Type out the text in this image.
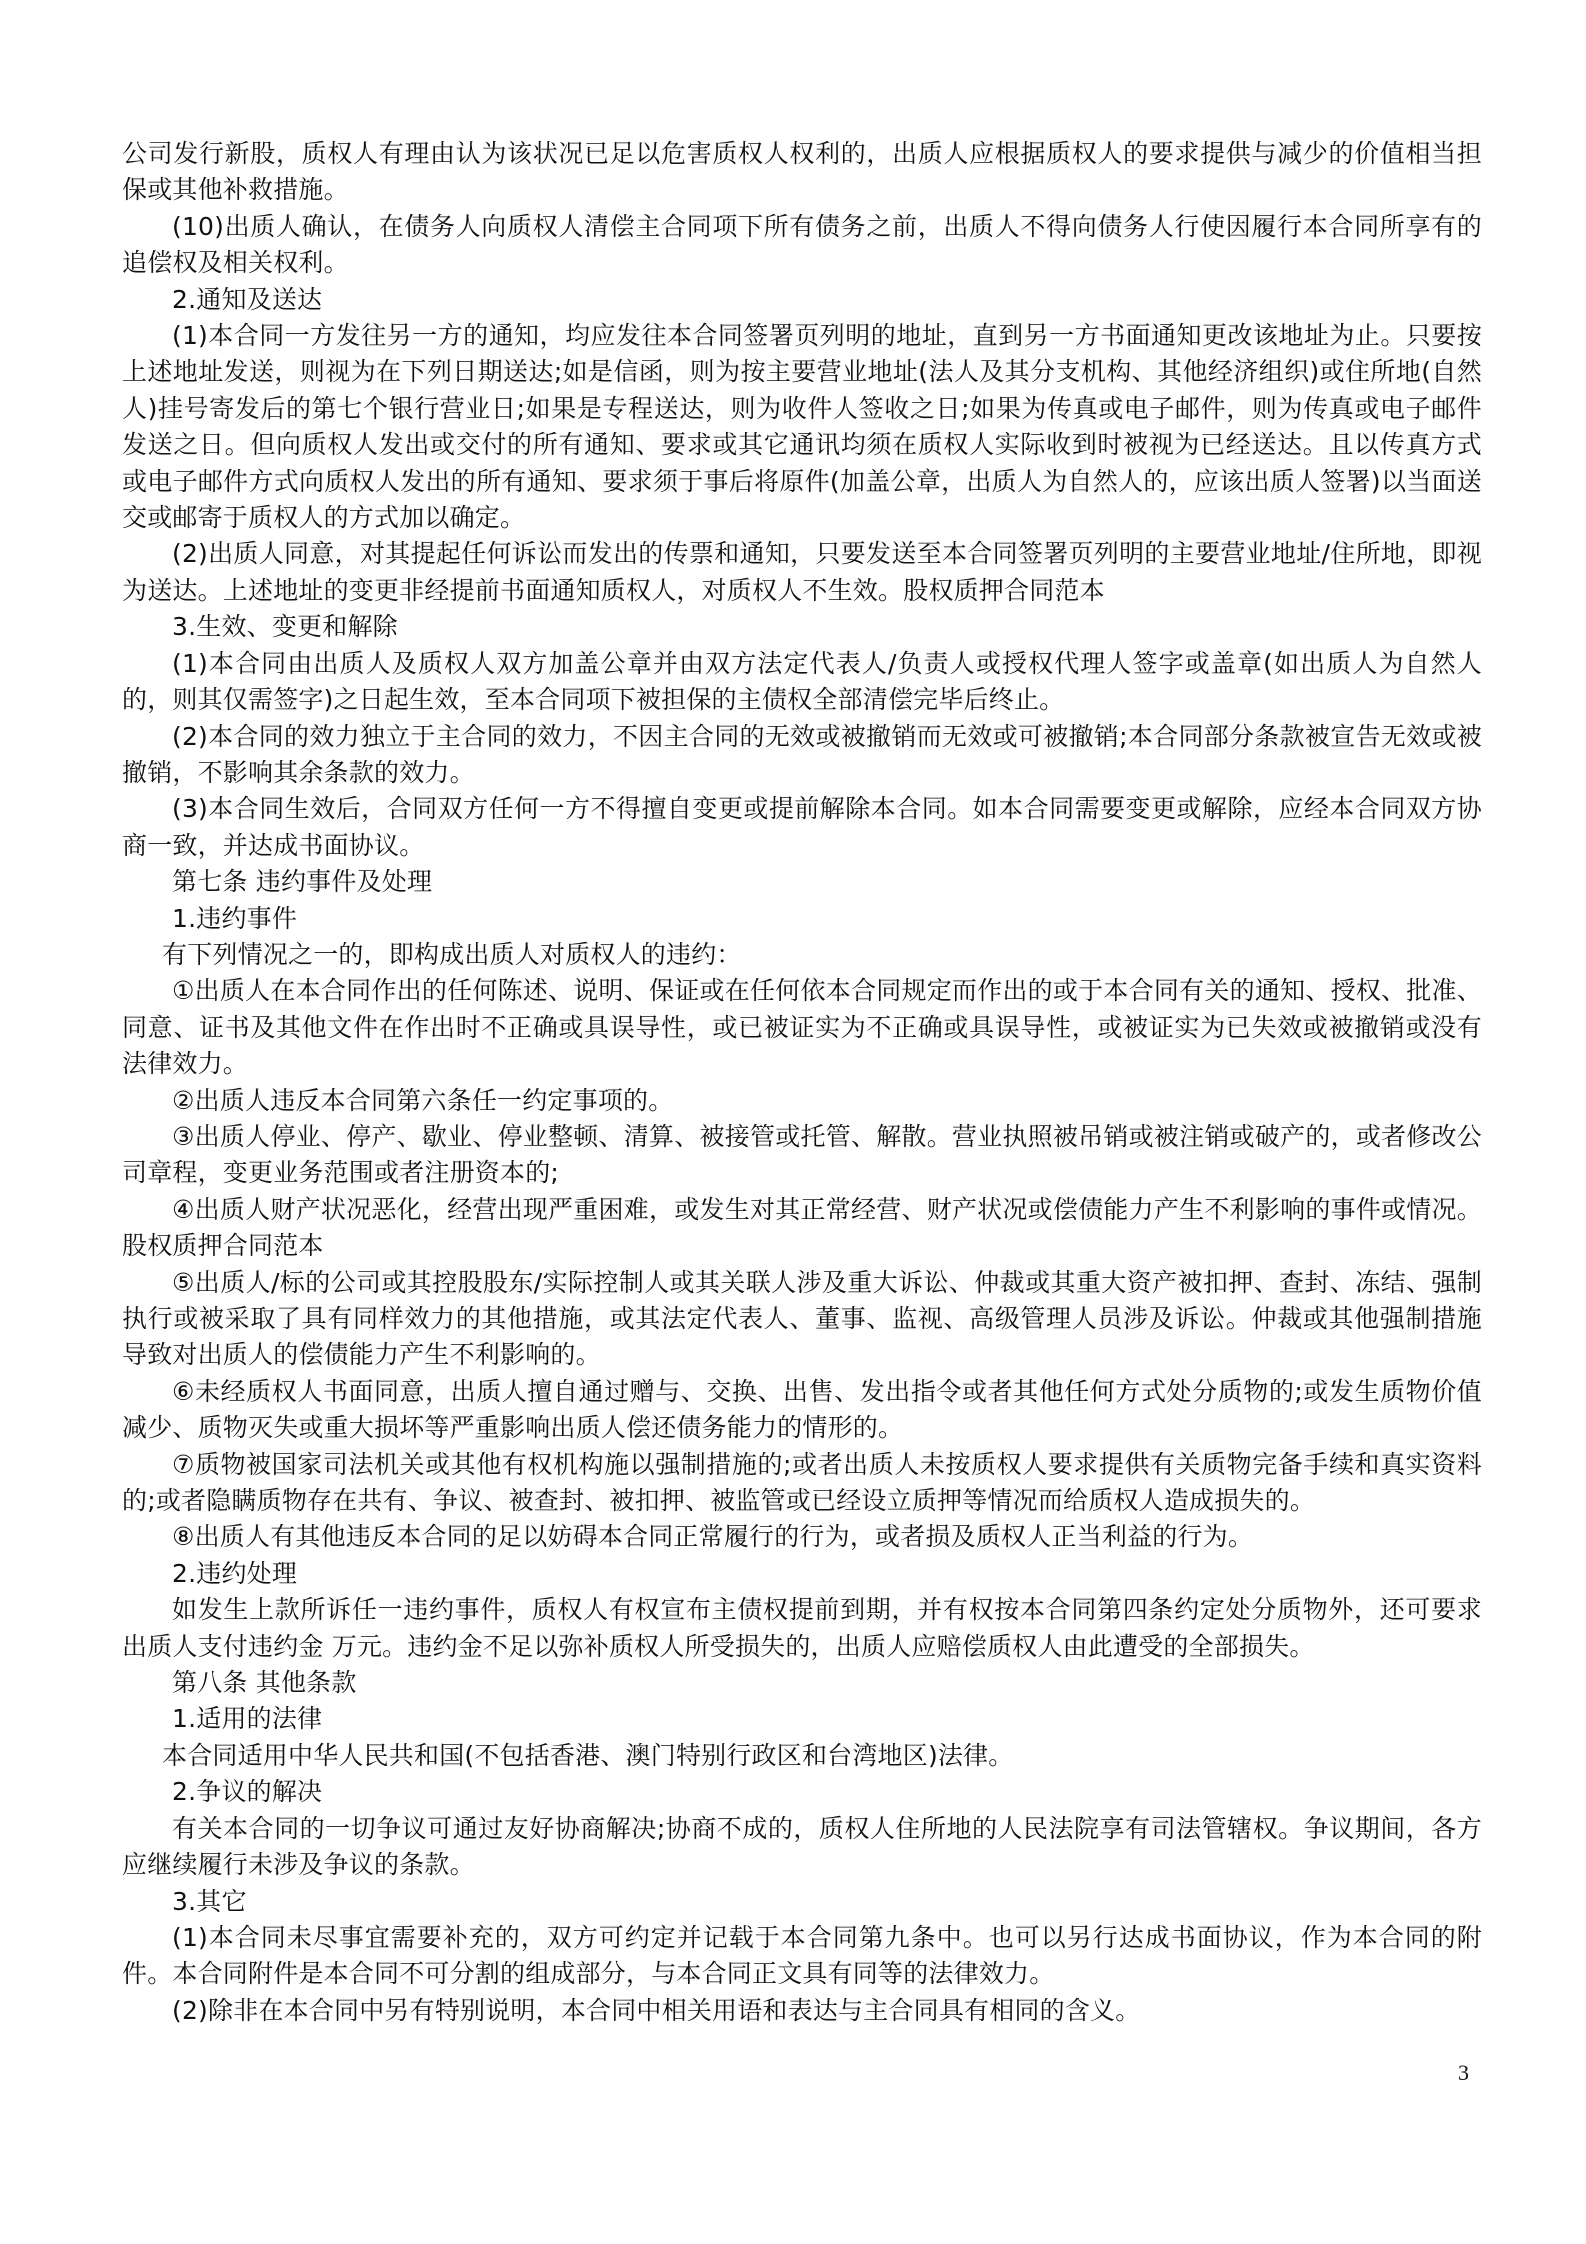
公司发行新股，质权人有理由认为该状况已足以危害质权人权利的，出质人应根据质权人的要求提供与减少的价值相当担保或其他补救措施。

(10)出质人确认，在债务人向质权人清偿主合同项下所有债务之前，出质人不得向债务人行使因履行本合同所享有的追偿权及相关权利。

2.通知及送达

(1)本合同一方发往另一方的通知，均应发往本合同签署页列明的地址，直到另一方书面通知更改该地址为止。只要按上述地址发送，则视为在下列日期送达;如是信函，则为按主要营业地址(法人及其分支机构、其他经济组织)或住所地(自然人)挂号寄发后的第七个银行营业日;如果是专程送达，则为收件人签收之日;如果为传真或电子邮件，则为传真或电子邮件发送之日。但向质权人发出或交付的所有通知、要求或其它通讯均须在质权人实际收到时被视为已经送达。且以传真方式或电子邮件方式向质权人发出的所有通知、要求须于事后将原件(加盖公章，出质人为自然人的，应该出质人签署)以当面送交或邮寄于质权人的方式加以确定。

(2)出质人同意，对其提起任何诉讼而发出的传票和通知，只要发送至本合同签署页列明的主要营业地址/住所地，即视为送达。上述地址的变更非经提前书面通知质权人，对质权人不生效。股权质押合同范本

3.生效、变更和解除

(1)本合同由出质人及质权人双方加盖公章并由双方法定代表人/负责人或授权代理人签字或盖章(如出质人为自然人的，则其仅需签字)之日起生效，至本合同项下被担保的主债权全部清偿完毕后终止。

(2)本合同的效力独立于主合同的效力，不因主合同的无效或被撤销而无效或可被撤销;本合同部分条款被宣告无效或被撤销，不影响其余条款的效力。

(3)本合同生效后，合同双方任何一方不得擅自变更或提前解除本合同。如本合同需要变更或解除，应经本合同双方协商一致，并达成书面协议。

第七条 违约事件及处理

1.违约事件

有下列情况之一的，即构成出质人对质权人的违约：

①出质人在本合同作出的任何陈述、说明、保证或在任何依本合同规定而作出的或于本合同有关的通知、授权、批准、同意、证书及其他文件在作出时不正确或具误导性，或已被证实为不正确或具误导性，或被证实为已失效或被撤销或没有法律效力。

②出质人违反本合同第六条任一约定事项的。

③出质人停业、停产、歇业、停业整顿、清算、被接管或托管、解散。营业执照被吊销或被注销或破产的，或者修改公司章程，变更业务范围或者注册资本的;

④出质人财产状况恶化，经营出现严重困难，或发生对其正常经营、财产状况或偿债能力产生不利影响的事件或情况。股权质押合同范本

⑤出质人/标的公司或其控股股东/实际控制人或其关联人涉及重大诉讼、仲裁或其重大资产被扣押、查封、冻结、强制执行或被采取了具有同样效力的其他措施，或其法定代表人、董事、监视、高级管理人员涉及诉讼。仲裁或其他强制措施导致对出质人的偿债能力产生不利影响的。

⑥未经质权人书面同意，出质人擅自通过赠与、交换、出售、发出指令或者其他任何方式处分质物的;或发生质物价值减少、质物灭失或重大损坏等严重影响出质人偿还债务能力的情形的。

⑦质物被国家司法机关或其他有权机构施以强制措施的;或者出质人未按质权人要求提供有关质物完备手续和真实资料的;或者隐瞒质物存在共有、争议、被查封、被扣押、被监管或已经设立质押等情况而给质权人造成损失的。

⑧出质人有其他违反本合同的足以妨碍本合同正常履行的行为，或者损及质权人正当利益的行为。

2.违约处理

如发生上款所诉任一违约事件，质权人有权宣布主债权提前到期，并有权按本合同第四条约定处分质物外，还可要求出质人支付违约金 万元。违约金不足以弥补质权人所受损失的，出质人应赔偿质权人由此遭受的全部损失。

第八条 其他条款

1.适用的法律

本合同适用中华人民共和国(不包括香港、澳门特别行政区和台湾地区)法律。

2.争议的解决

有关本合同的一切争议可通过友好协商解决;协商不成的，质权人住所地的人民法院享有司法管辖权。争议期间，各方应继续履行未涉及争议的条款。

3.其它

(1)本合同未尽事宜需要补充的，双方可约定并记载于本合同第九条中。也可以另行达成书面协议，作为本合同的附件。本合同附件是本合同不可分割的组成部分，与本合同正文具有同等的法律效力。

(2)除非在本合同中另有特别说明，本合同中相关用语和表达与主合同具有相同的含义。

3
